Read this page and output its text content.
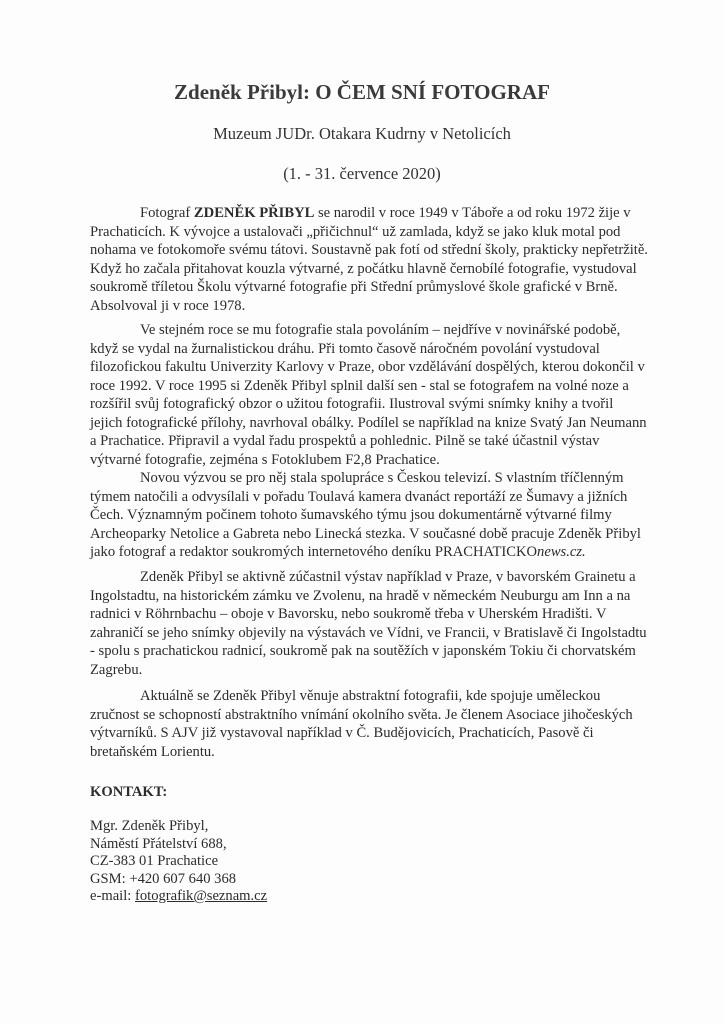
Zdeněk Přibyl: O ČEM SNÍ FOTOGRAF
Muzeum JUDr. Otakara Kudrny v Netolicích
(1. - 31. července 2020)

Fotograf ZDENĚK PŘIBYL se narodil v roce 1949 v Táboře a od roku 1972 žije v Prachaticích. K vývojce a ustalovači „přičichnul“ už zamlada, když se jako kluk motal pod nohama ve fotokomoře svému tátovi. Soustavně pak fotí od střední školy, prakticky nepřetržitě. Když ho začala přitahovat kouzla výtvarné, z počátku hlavně černobílé fotografie, vystudoval soukromě tříletou Školu výtvarné fotografie při Střední průmyslové škole grafické v Brně. Absolvoval ji v roce 1978.

Ve stejném roce se mu fotografie stala povoláním – nejdříve v novinářské podobě, když se vydal na žurnalistickou dráhu. Při tomto časově náročném povolání vystudoval filozofickou fakultu Univerzity Karlovy v Praze, obor vzdělávání dospělých, kterou dokončil v roce 1992. V roce 1995 si Zdeněk Přibyl splnil další sen - stal se fotografem na volné noze a rozšířil svůj fotografický obzor o užitou fotografii. Ilustroval svými snímky knihy a tvořil jejich fotografické přílohy, navrhoval obálky. Podílel se například na knize Svatý Jan Neumann a Prachatice. Připravil a vydal řadu prospektů a pohlednic. Pilně se také účastnil výstav výtvarné fotografie, zejména s Fotoklubem F2,8 Prachatice.

Novou výzvou se pro něj stala spolupráce s Českou televizí. S vlastním tříčlenným týmem natočili a odvysílali v pořadu Toulavá kamera dvanáct reportáží ze Šumavy a jižních Čech. Významným počinem tohoto šumavského týmu jsou dokumentárně výtvarné filmy Archeoparky Netolice a Gabreta nebo Linecká stezka. V současné době pracuje Zdeněk Přibyl jako fotograf a redaktor soukromých internetového deníku PRACHATICKOnews.cz.

Zdeněk Přibyl se aktivně zúčastnil výstav například v Praze, v bavorském Grainetu a Ingolstadtu, na historickém zámku ve Zvolenu, na hradě v německém Neuburgu am Inn a na radnici v Röhrnbachu – oboje v Bavorsku, nebo soukromě třeba v Uherském Hradišti. V zahraničí se jeho snímky objevily na výstavách ve Vídni, ve Francii, v Bratislavě či Ingolstadtu - spolu s prachatickou radnicí, soukromě pak na soutěžích v japonském Tokiu či chorvatském Zagrebu.

Aktuálně se Zdeněk Přibyl věnuje abstraktní fotografii, kde spojuje uměleckou zručnost se schopností abstraktního vnímání okolního světa. Je členem Asociace jihočeských výtvarníků. S AJV již vystavoval například v Č. Budějovicích, Prachaticích, Pasově či bretaňském Lorientu.

KONTAKT:
Mgr. Zdeněk Přibyl,
Náměstí Přátelství 688,
CZ-383 01 Prachatice
GSM: +420 607 640 368
e-mail: fotografik@seznam.cz
